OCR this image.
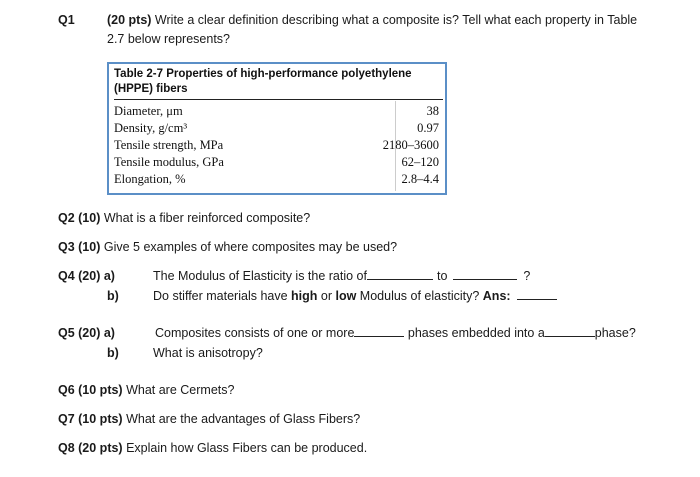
Q1	(20 pts) Write a clear definition describing what a composite is? Tell what each property in Table
2.7 below represents?
Table 2-7 Properties of high-performance polyethylene (HPPE) fibers
Diameter, μm	38
Density, g/cm³	0.97
Tensile strength, MPa	2180–3600
Tensile modulus, GPa	62–120
Elongation, %	2.8–4.4
Q2 (10) What is a fiber reinforced composite?
Q3 (10) Give 5 examples of where composites may be used?
Q4 (20) a)	The Modulus of Elasticity is the ratio of	to	?
b)	Do stiffer materials have high or low Modulus of elasticity? Ans:
Q5 (20) a)	Composites consists of one or more	phases embedded into a	phase?
b)	What is anisotropy?
Q6 (10 pts) What are Cermets?
Q7 (10 pts) What are the advantages of Glass Fibers?
Q8 (20 pts) Explain how Glass Fibers can be produced.
